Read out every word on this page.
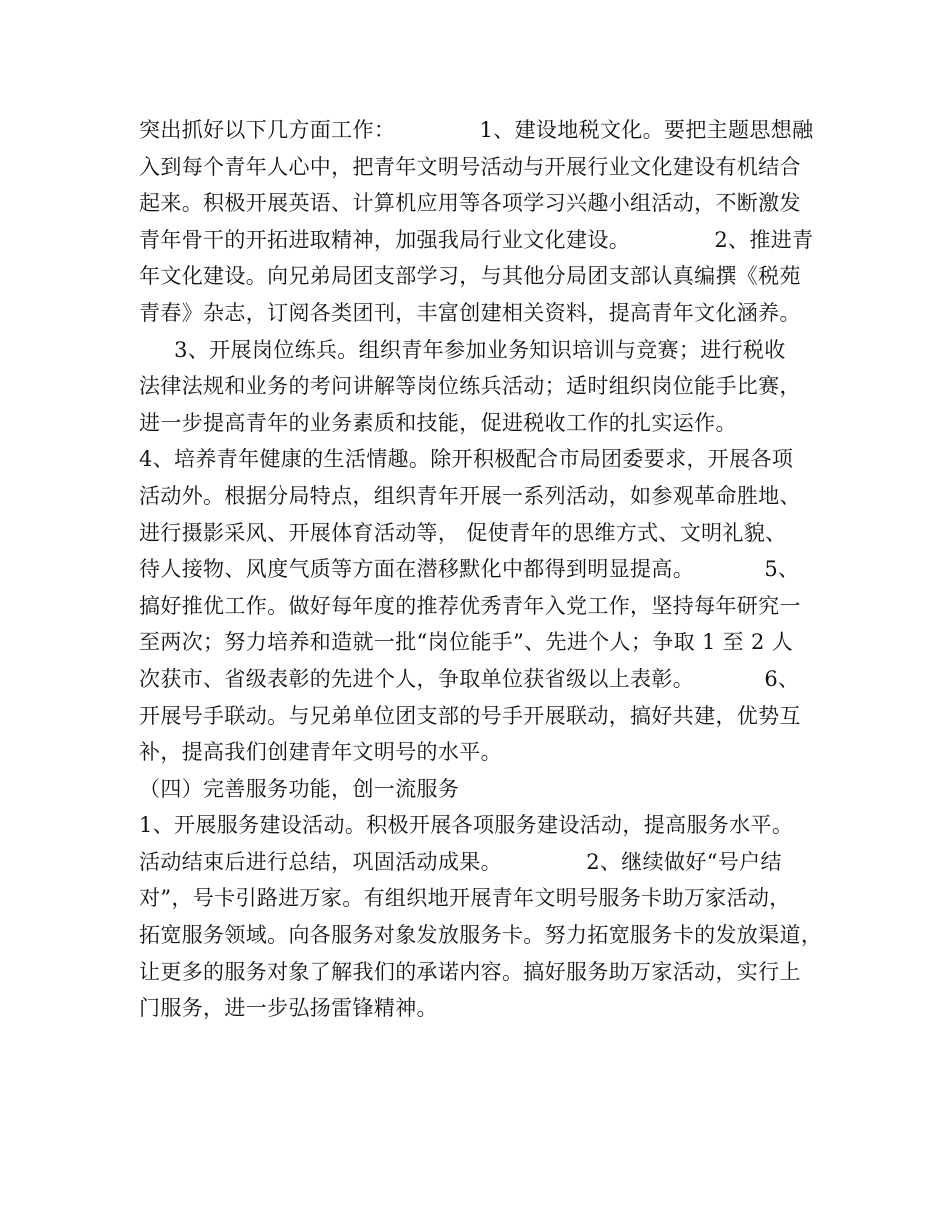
突出抓好以下几方面工作：            1、建设地税文化。要把主题思想融
入到每个青年人心中，把青年文明号活动与开展行业文化建设有机结合
起来。积极开展英语、计算机应用等各项学习兴趣小组活动，不断激发
青年骨干的开拓进取精神，加强我局行业文化建设。            2、推进青
年文化建设。向兄弟局团支部学习，与其他分局团支部认真编撰《税苑
青春》杂志，订阅各类团刊，丰富创建相关资料，提高青年文化涵养。
3、开展岗位练兵。组织青年参加业务知识培训与竞赛；进行税收
法律法规和业务的考问讲解等岗位练兵活动；适时组织岗位能手比赛，
进一步提高青年的业务素质和技能，促进税收工作的扎实运作。
4、培养青年健康的生活情趣。除开积极配合市局团委要求，开展各项
活动外。根据分局特点，组织青年开展一系列活动，如参观革命胜地、
进行摄影采风、开展体育活动等， 促使青年的思维方式、文明礼貌、
待人接物、风度气质等方面在潜移默化中都得到明显提高。          5、
搞好推优工作。做好每年度的推荐优秀青年入党工作，坚持每年研究一
至两次；努力培养和造就一批“岗位能手”、先进个人；争取 1 至 2 人
次获市、省级表彰的先进个人，争取单位获省级以上表彰。          6、
开展号手联动。与兄弟单位团支部的号手开展联动，搞好共建，优势互
补，提高我们创建青年文明号的水平。
（四）完善服务功能，创一流服务
1、开展服务建设活动。积极开展各项服务建设活动，提高服务水平。
活动结束后进行总结，巩固活动成果。            2、继续做好“号户结
对”，号卡引路进万家。有组织地开展青年文明号服务卡助万家活动，
拓宽服务领域。向各服务对象发放服务卡。努力拓宽服务卡的发放渠道，
让更多的服务对象了解我们的承诺内容。搞好服务助万家活动，实行上
门服务，进一步弘扬雷锋精神。
